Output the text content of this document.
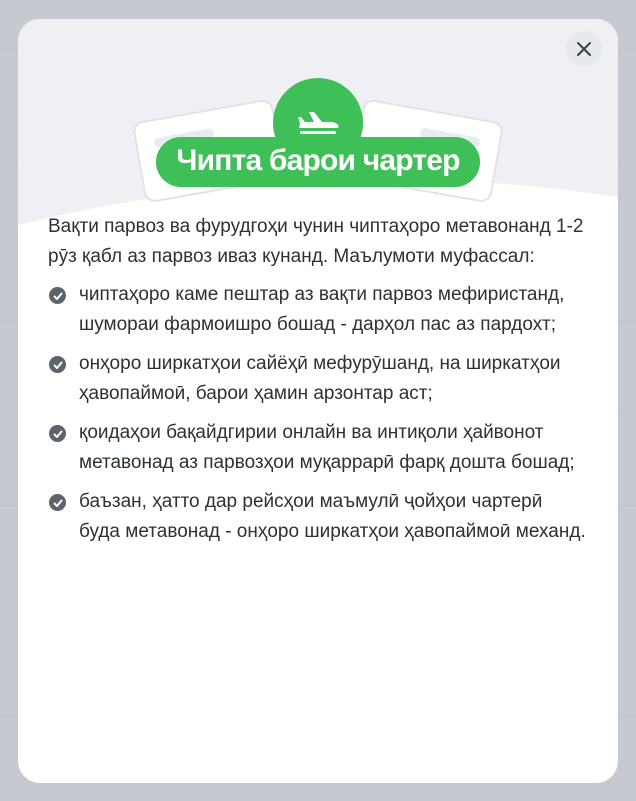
Чипта барои чартер

Вақти парвоз ва фурудгоҳи чунин чиптаҳоро метавонанд 1-2 рӯз қабл аз парвоз иваз кунанд. Маълумоти муфассал:

чиптаҳоро каме пештар аз вақти парвоз мефиристанд, шумораи фармоишро бошад - дарҳол пас аз пардохт;
онҳоро ширкатҳои сайёҳӣ мефурӯшанд, на ширкатҳои ҳавопаймоӣ, барои ҳамин арзонтар аст;
қоидаҳои бақайдгирии онлайн ва интиқоли ҳайвонот метавонад аз парвозҳои муқаррарӣ фарқ дошта бошад;
баъзан, ҳатто дар рейсҳои маъмулӣ ҷойҳои чартерӣ буда метавонад - онҳоро ширкатҳои ҳавопаймоӣ механд.
